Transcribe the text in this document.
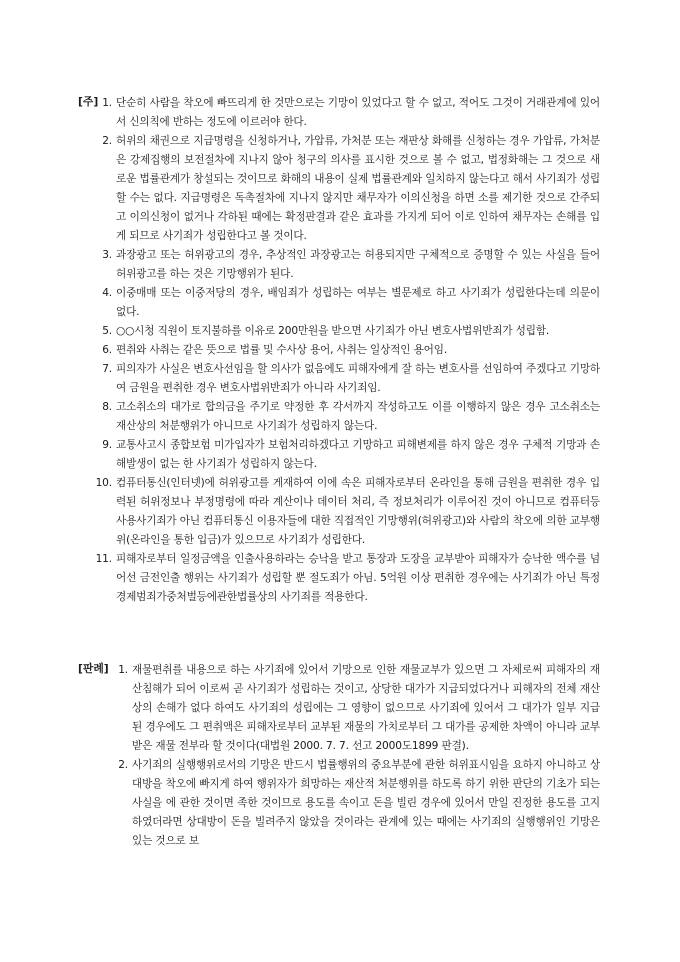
[주] 1. 단순히 사람을 착오에 빠뜨리게 한 것만으로는 기망이 있었다고 할 수 없고, 적어도 그것이 거래관계에 있어서 신의칙에 반하는 정도에 이르러야 한다.
2. 허위의 채권으로 지급명령을 신청하거나, 가압류, 가처분 또는 재판상 화해를 신청하는 경우 가압류, 가처분은 강제집행의 보전절차에 지나지 않아 청구의 의사를 표시한 것으로 볼 수 없고, 법정화해는 그 것으로 새로운 법률관계가 창설되는 것이므로 화해의 내용이 실제 법률관계와 일치하지 않는다고 해서 사기죄가 성립할 수는 없다. 지급명령은 독촉절차에 지나지 않지만 채무자가 이의신청을 하면 소를 제기한 것으로 간주되고 이의신청이 없거나 각하된 때에는 확정판결과 같은 효과를 가지게 되어 이로 인하여 채무자는 손해를 입게 되므로 사기죄가 성립한다고 볼 것이다.
3. 과장광고 또는 허위광고의 경우, 추상적인 과장광고는 허용되지만 구체적으로 증명할 수 있는 사실을 들어 허위광고를 하는 것은 기망행위가 된다.
4. 이중매매 또는 이중저당의 경우, 배임죄가 성립하는 여부는 별문제로 하고 사기죄가 성립한다는데 의문이 없다.
5. ○○시청 직원이 토지불하를 이유로 200만원을 받으면 사기죄가 아닌 변호사법위반죄가 성립함.
6. 편취와 사취는 같은 뜻으로 법률 및 수사상 용어, 사취는 일상적인 용어임.
7. 피의자가 사실은 변호사선임을 할 의사가 없음에도 피해자에게 잘 하는 변호사를 선임하여 주겠다고 기망하여 금원을 편취한 경우 변호사법위반죄가 아니라 사기죄임.
8. 고소취소의 대가로 합의금을 주기로 약정한 후 각서까지 작성하고도 이를 이행하지 않은 경우 고소취소는 재산상의 처분행위가 아니므로 사기죄가 성립하지 않는다.
9. 교통사고시 종합보험 미가입자가 보험처리하겠다고 기망하고 피해변제를 하지 않은 경우 구체적 기망과 손해발생이 없는 한 사기죄가 성립하지 않는다.
10. 컴퓨터통신(인터넷)에 허위광고를 게재하여 이에 속은 피해자로부터 온라인을 통해 금원을 편취한 경우 입력된 허위정보나 부정명령에 따라 계산이나 데이터 처리, 즉 정보처리가 이루어진 것이 아니므로 컴퓨터등사용사기죄가 아닌 컴퓨터통신 이용자들에 대한 직접적인 기망행위(허위광고)와 사람의 착오에 의한 교부행위(온라인을 통한 입금)가 있으므로 사기죄가 성립한다.
11. 피해자로부터 일정금액을 인출사용하라는 승낙을 받고 통장과 도장을 교부받아 피해자가 승낙한 액수를 넘어선 금전인출 행위는 사기죄가 성립할 뿐 절도죄가 아님. 5억원 이상 편취한 경우에는 사기죄가 아닌 특정경제범죄가중처벌등에관한법률상의 사기죄를 적용한다.
[판례] 1. 재물편취를 내용으로 하는 사기죄에 있어서 기망으로 인한 재물교부가 있으면 그 자체로써 피해자의 재산침해가 되어 이로써 곧 사기죄가 성립하는 것이고, 상당한 대가가 지급되었다거나 피해자의 전체 재산상의 손해가 없다 하여도 사기죄의 성립에는 그 영향이 없으므로 사기죄에 있어서 그 대가가 일부 지급된 경우에도 그 편취액은 피해자로부터 교부된 재물의 가치로부터 그 대가를 공제한 차액이 아니라 교부받은 재물 전부라 할 것이다(대법원 2000. 7. 7. 선고 2000도1899 판결).
2. 사기죄의 실행행위로서의 기망은 반드시 법률행위의 중요부분에 관한 허위표시임을 요하지 아니하고 상대방을 착오에 빠지게 하여 행위자가 희망하는 재산적 처분행위를 하도록 하기 위한 판단의 기초가 되는 사실을 에 관한 것이면 족한 것이므로 용도를 속이고 돈을 빌린 경우에 있어서 만일 진정한 용도를 고지하였더라면 상대방이 돈을 빌려주지 않았을 것이라는 관계에 있는 때에는 사기죄의 실행행위인 기망은 있는 것으로 보
